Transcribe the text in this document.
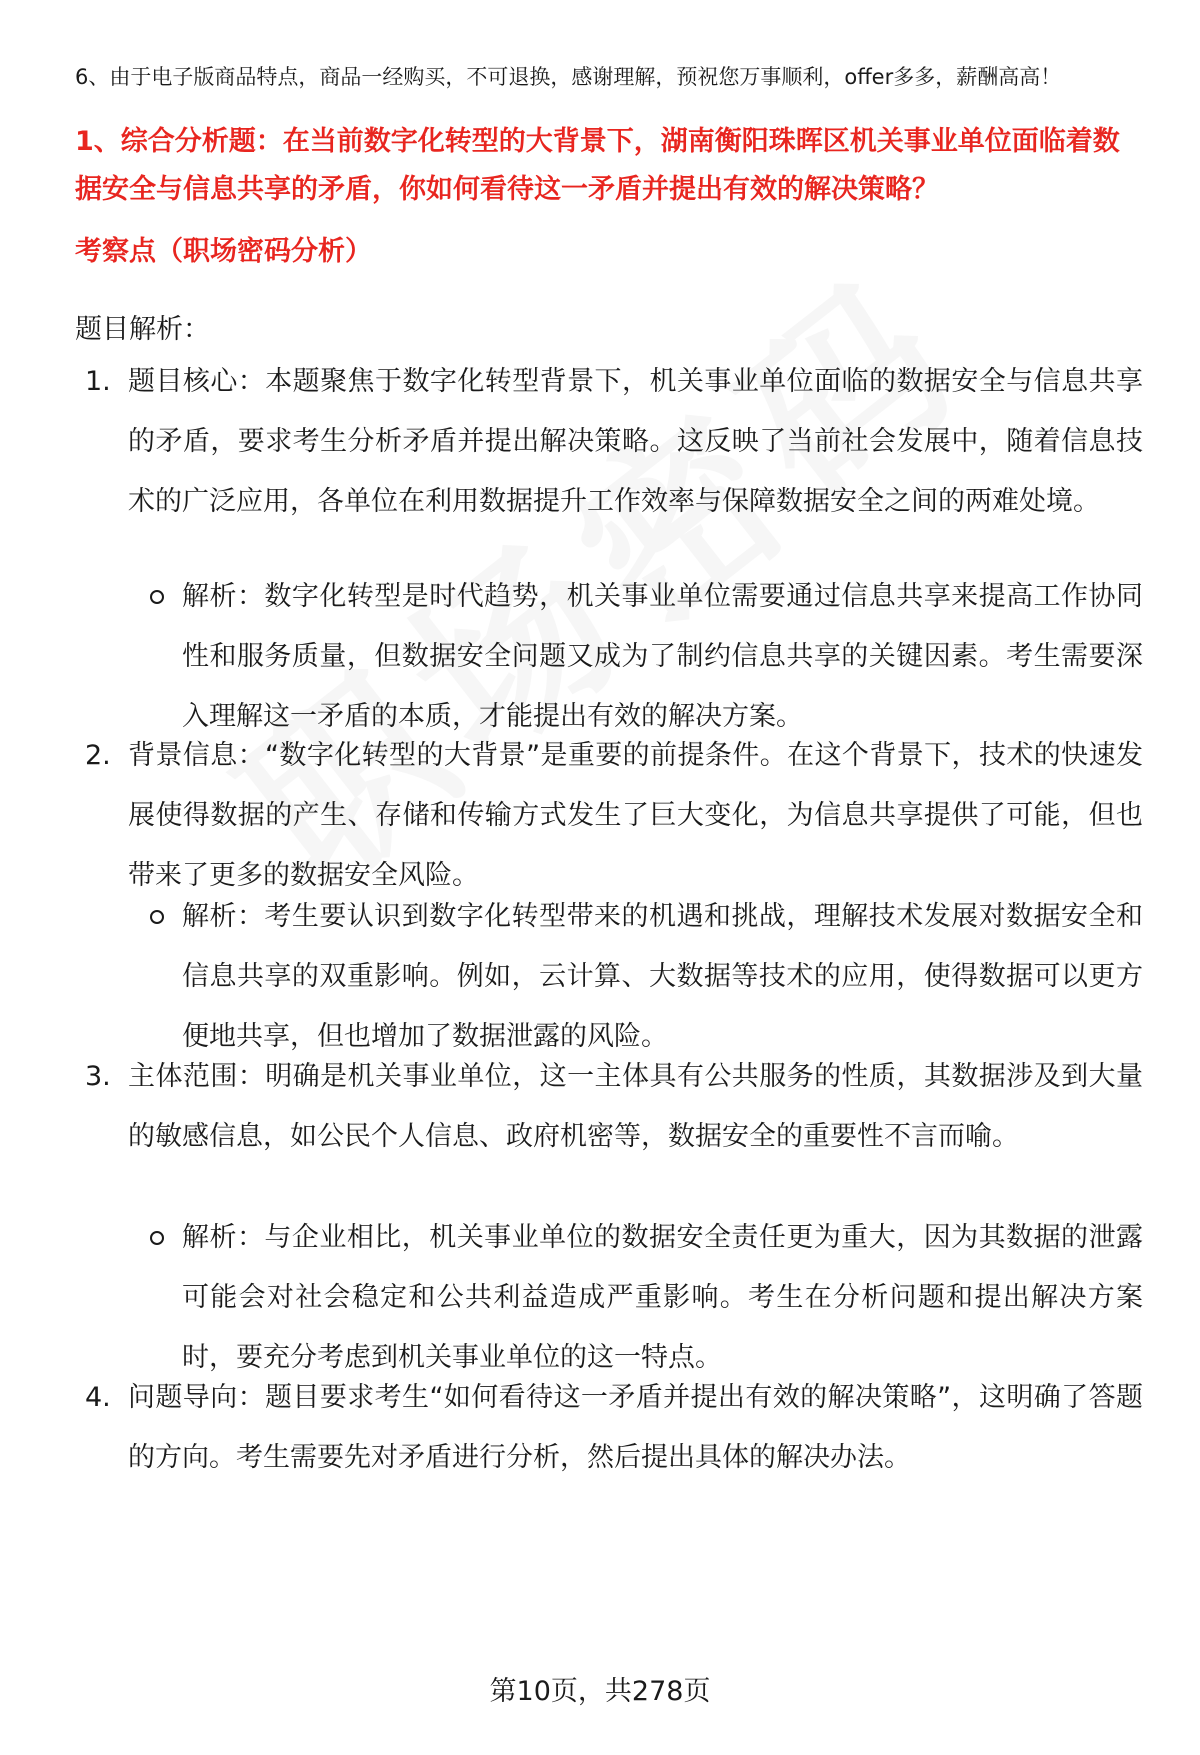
6、由于电子版商品特点，商品一经购买，不可退换，感谢理解，预祝您万事顺利，offer多多，薪酬高高！
1、综合分析题：在当前数字化转型的大背景下，湖南衡阳珠晖区机关事业单位面临着数据安全与信息共享的矛盾，你如何看待这一矛盾并提出有效的解决策略？
考察点（职场密码分析）
题目解析：
1. 题目核心：本题聚焦于数字化转型背景下，机关事业单位面临的数据安全与信息共享的矛盾，要求考生分析矛盾并提出解决策略。这反映了当前社会发展中，随着信息技术的广泛应用，各单位在利用数据提升工作效率与保障数据安全之间的两难处境。
解析：数字化转型是时代趋势，机关事业单位需要通过信息共享来提高工作协同性和服务质量，但数据安全问题又成为了制约信息共享的关键因素。考生需要深入理解这一矛盾的本质，才能提出有效的解决方案。
2. 背景信息：“数字化转型的大背景”是重要的前提条件。在这个背景下，技术的快速发展使得数据的产生、存储和传输方式发生了巨大变化，为信息共享提供了可能，但也带来了更多的数据安全风险。
解析：考生要认识到数字化转型带来的机遇和挑战，理解技术发展对数据安全和信息共享的双重影响。例如，云计算、大数据等技术的应用，使得数据可以更方便地共享，但也增加了数据泄露的风险。
3. 主体范围：明确是机关事业单位，这一主体具有公共服务的性质，其数据涉及到大量的敏感信息，如公民个人信息、政府机密等，数据安全的重要性不言而喻。
解析：与企业相比，机关事业单位的数据安全责任更为重大，因为其数据的泄露可能会对社会稳定和公共利益造成严重影响。考生在分析问题和提出解决方案时，要充分考虑到机关事业单位的这一特点。
4. 问题导向：题目要求考生“如何看待这一矛盾并提出有效的解决策略”，这明确了答题的方向。考生需要先对矛盾进行分析，然后提出具体的解决办法。
第10页，共278页
